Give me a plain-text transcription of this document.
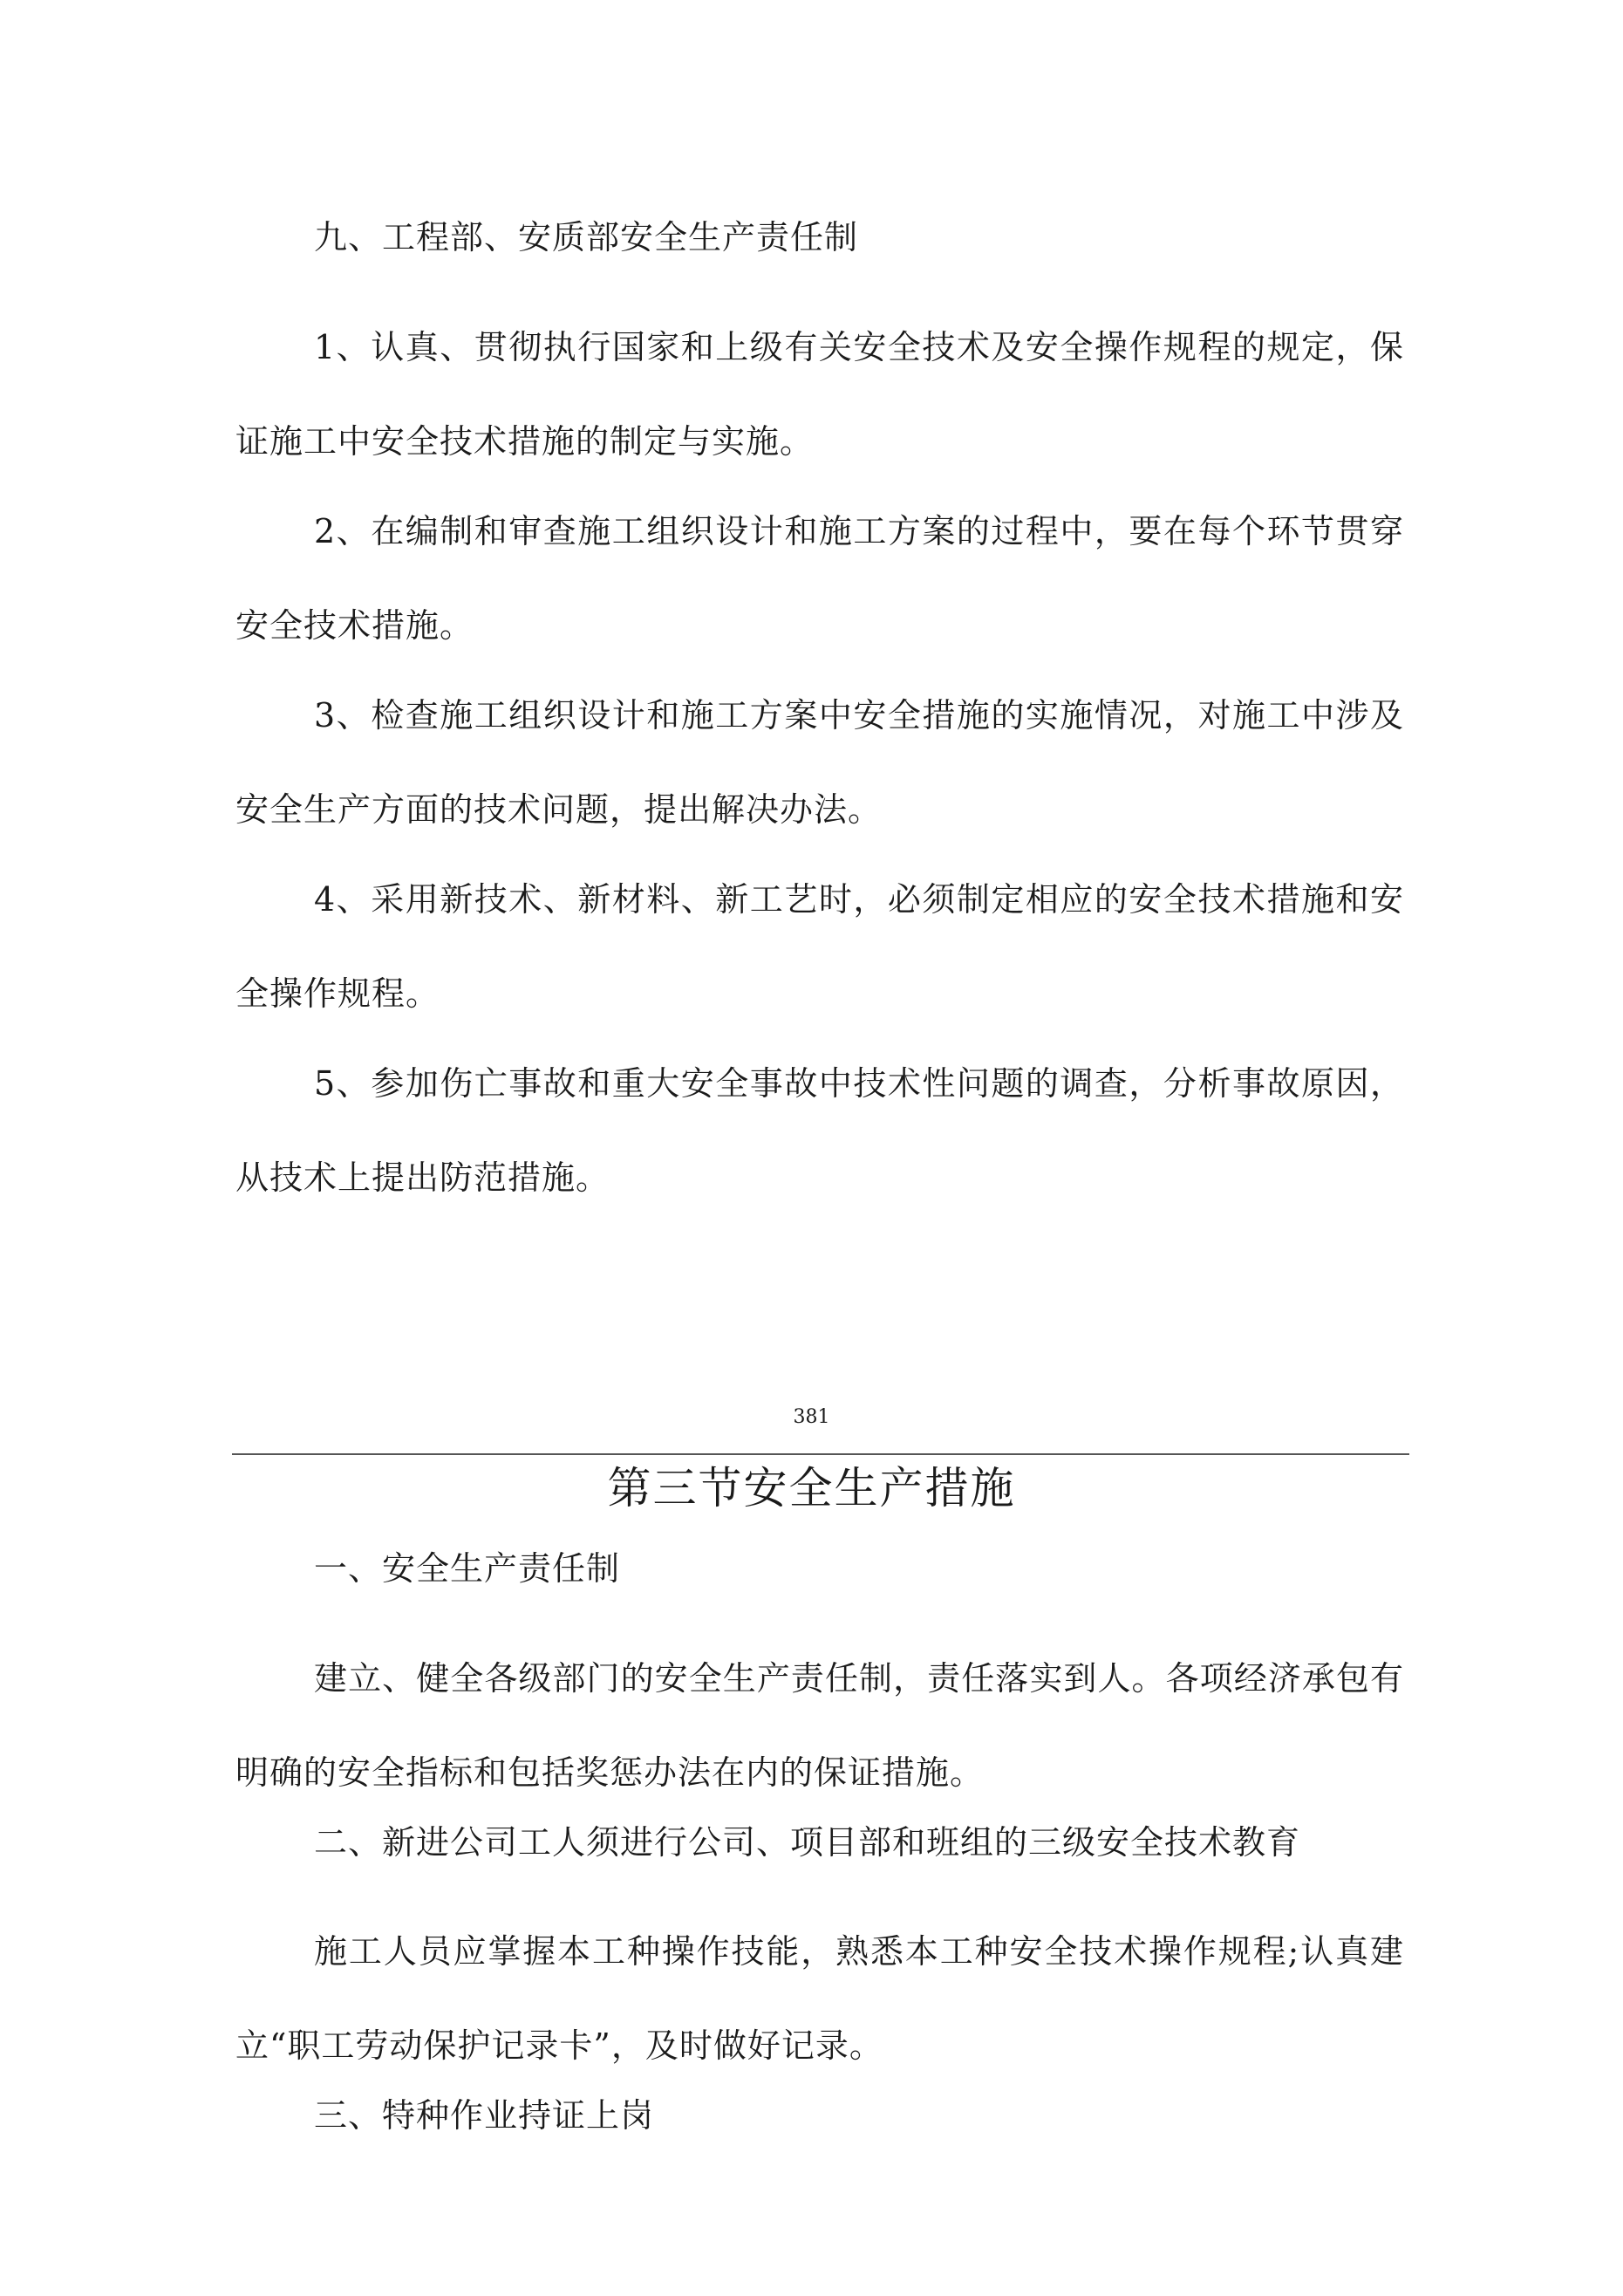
九、工程部、安质部安全生产责任制

1、认真、贯彻执行国家和上级有关安全技术及安全操作规程的规定，保证施工中安全技术措施的制定与实施。

2、在编制和审查施工组织设计和施工方案的过程中，要在每个环节贯穿安全技术措施。

3、检查施工组织设计和施工方案中安全措施的实施情况，对施工中涉及安全生产方面的技术问题，提出解决办法。

4、采用新技术、新材料、新工艺时，必须制定相应的安全技术措施和安全操作规程。

5、参加伤亡事故和重大安全事故中技术性问题的调查，分析事故原因，从技术上提出防范措施。

381
第三节安全生产措施

一、安全生产责任制

建立、健全各级部门的安全生产责任制，责任落实到人。各项经济承包有明确的安全指标和包括奖惩办法在内的保证措施。

二、新进公司工人须进行公司、项目部和班组的三级安全技术教育

施工人员应掌握本工种操作技能，熟悉本工种安全技术操作规程;认真建立“职工劳动保护记录卡”，及时做好记录。

三、特种作业持证上岗
